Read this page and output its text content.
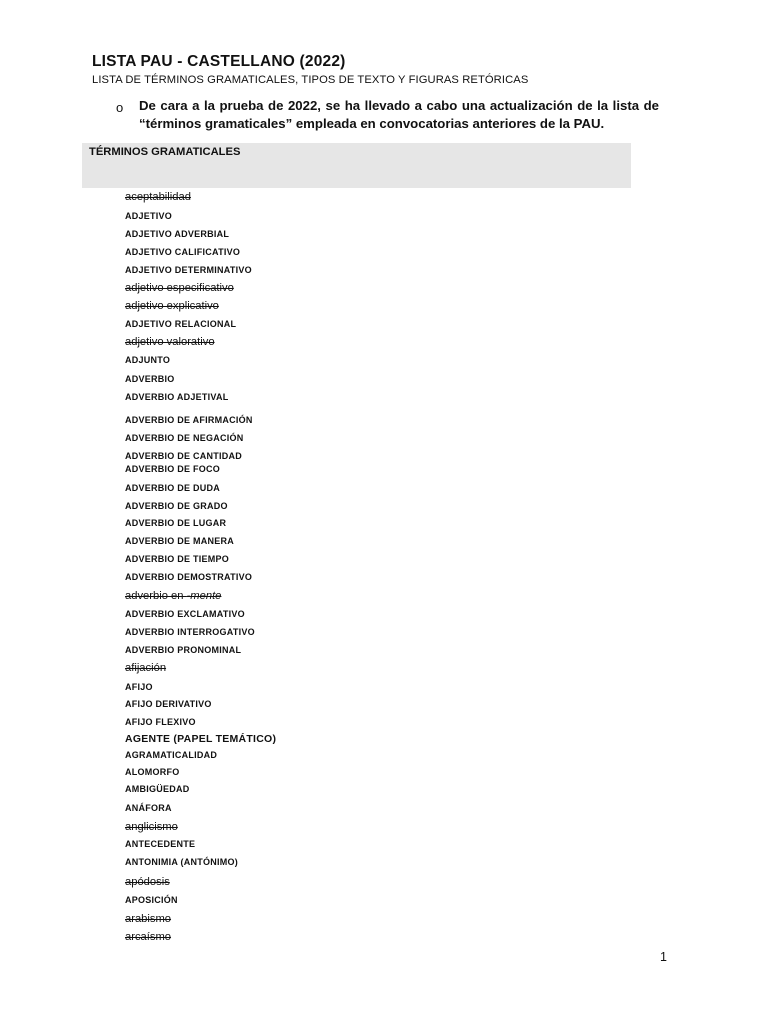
LISTA PAU - CASTELLANO (2022)
LISTA DE TÉRMINOS GRAMATICALES, TIPOS DE TEXTO Y FIGURAS RETÓRICAS
o De cara a la prueba de 2022, se ha llevado a cabo una actualización de la lista de “términos gramaticales” empleada en convocatorias anteriores de la PAU.
TÉRMINOS GRAMATICALES
aceptabilidad
ADJETIVO
ADJETIVO ADVERBIAL
ADJETIVO CALIFICATIVO
ADJETIVO DETERMINATIVO
adjetivo especificativo
adjetivo explicativo
ADJETIVO RELACIONAL
adjetivo valorativo
ADJUNTO
ADVERBIO
ADVERBIO ADJETIVAL
ADVERBIO DE AFIRMACIÓN
ADVERBIO DE NEGACIÓN
ADVERBIO DE CANTIDAD
ADVERBIO DE FOCO
ADVERBIO DE DUDA
ADVERBIO DE GRADO
ADVERBIO DE LUGAR
ADVERBIO DE MANERA
ADVERBIO DE TIEMPO
ADVERBIO DEMOSTRATIVO
adverbio en -mente
ADVERBIO EXCLAMATIVO
ADVERBIO INTERROGATIVO
ADVERBIO PRONOMINAL
afijación
AFIJO
AFIJO DERIVATIVO
AFIJO FLEXIVO
AGENTE (PAPEL TEMÁTICO)
AGRAMATICALIDAD
ALOMORFO
AMBIGÜEDAD
ANÁFORA
anglicismo
ANTECEDENTE
ANTONIMIA (ANTÓNIMO)
apódosis
APOSICIÓN
arabismo
arcaísmo
1
